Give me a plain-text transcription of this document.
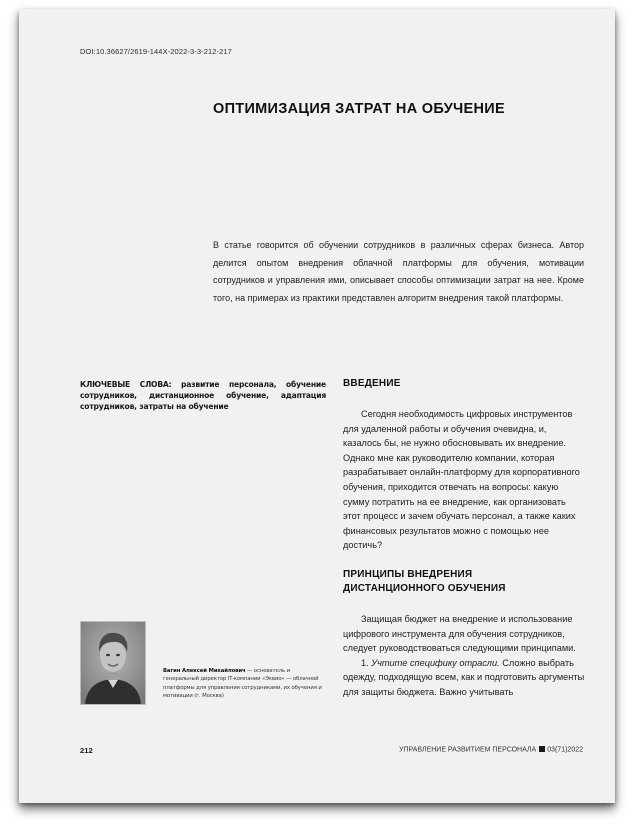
DOI:10.36627/2619-144X-2022-3-3-212-217
ОПТИМИЗАЦИЯ ЗАТРАТ НА ОБУЧЕНИЕ
В статье говорится об обучении сотрудников в различных сферах бизнеса. Автор делится опытом внедрения облачной платформы для обучения, мотивации сотрудников и управления ими, описывает способы оптимизации затрат на нее. Кроме того, на примерах из практики представлен алгоритм внедрения такой платформы.
КЛЮЧЕВЫЕ СЛОВА: развитие персонала, обучение сотрудников, дистанционное обучение, адаптация сотрудников, затраты на обучение
ВВЕДЕНИЕ

Сегодня необходимость цифровых инструментов для удаленной работы и обучения очевидна, и, казалось бы, не нужно обосновывать их внедрение. Однако мне как руководителю компании, которая разрабатывает онлайн-платформу для корпоративного обучения, приходится отвечать на вопросы: какую сумму потратить на ее внедрение, как организовать этот процесс и зачем обучать персонал, а также каких финансовых результатов можно с помощью нее достичь?

ПРИНЦИПЫ ВНЕДРЕНИЯ ДИСТАНЦИОННОГО ОБУЧЕНИЯ

Защищая бюджет на внедрение и использование цифрового инструмента для обучения сотрудников, следует руководствоваться следующими принципами.

1. Учтите специфику отрасли. Сложно выбрать одежду, подходящую всем, как и подготовить аргументы для защиты бюджета. Важно учитывать

Вагин Алексей Михайлович — основатель и генеральный директор IT-компании «Эквио» — облачной платформы для управления сотрудниками, их обучения и мотивации (г. Москва)
212	УПРАВЛЕНИЕ РАЗВИТИЕМ ПЕРСОНАЛА 03(71)2022
